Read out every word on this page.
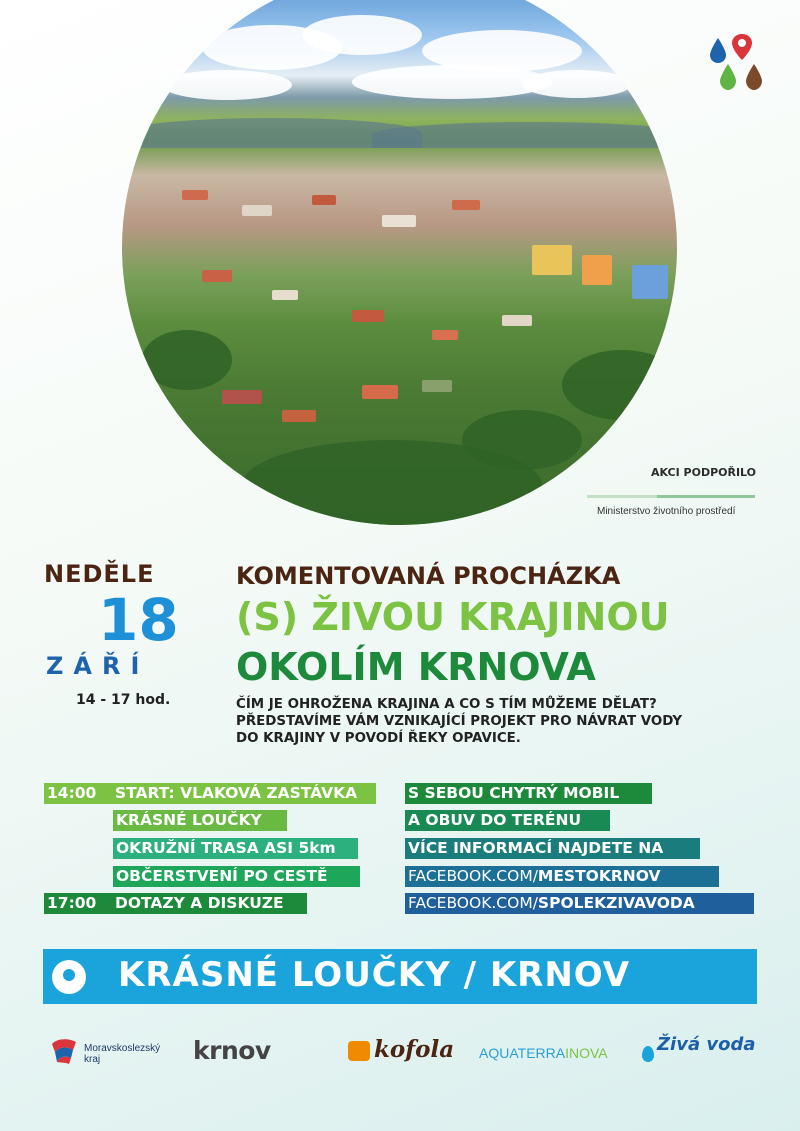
AKCI PODPOŘILO
Ministerstvo životního prostředí
NEDĚLE
18
ZÁŘÍ
14 - 17 hod.
KOMENTOVANÁ PROCHÁZKA
(S) ŽIVOU KRAJINOU
OKOLÍM KRNOVA
ČÍM JE OHROŽENA KRAJINA A CO S TÍM MŮŽEME DĚLAT?
PŘEDSTAVÍME VÁM VZNIKAJÍCÍ PROJEKT PRO NÁVRAT VODY
DO KRAJINY V POVODÍ ŘEKY OPAVICE.
14:00 START: VLAKOVÁ ZASTÁVKA
KRÁSNÉ LOUČKY
OKRUŽNÍ TRASA ASI 5km
OBČERSTVENÍ PO CESTĚ
17:00 DOTAZY A DISKUZE
S SEBOU CHYTRÝ MOBIL
A OBUV DO TERÉNU
VÍCE INFORMACÍ NAJDETE NA
FACEBOOK.COM/MESTOKRNOV
FACEBOOK.COM/SPOLEKZIVAVODA
KRÁSNÉ LOUČKY / KRNOV
Moravskoslezský
kraj	krnov	kofola AQUATERRAINOVA	Živá voda
